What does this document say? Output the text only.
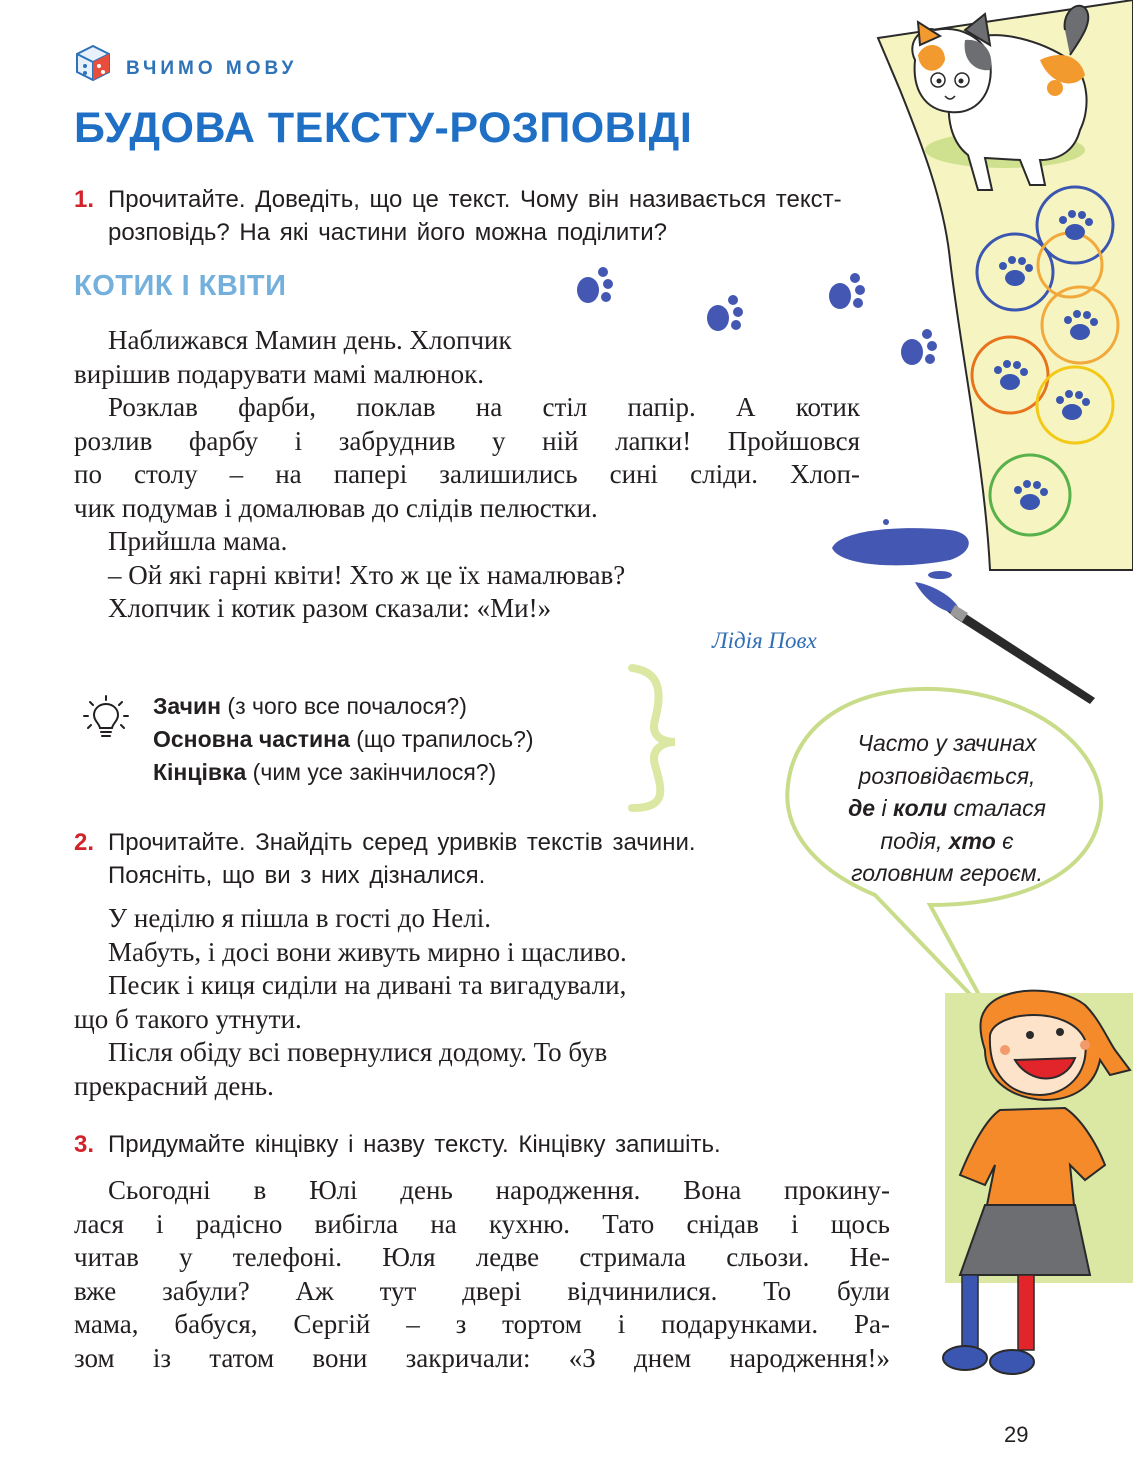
ВЧИМО МОВУ
БУДОВА ТЕКСТУ-РОЗПОВІДІ
1. Прочитайте. Доведіть, що це текст. Чому він називається текст-розповідь? На які частини його можна поділити?
КОТИК І КВІТИ

Наближався Мамин день. Хлопчик

вирішив подарувати мамі малюнок.

Розклав фарби, поклав на стіл папір. А котик

розлив фарбу і забруднив у ній лапки! Пройшовся

по столу – на папері залишились сині сліди. Хлоп-

чик подумав і домалював до слідів пелюстки.

Прийшла мама.

– Ой які гарні квіти! Хто ж це їх намалював?

Хлопчик і котик разом сказали: «Ми!»

Лідія Повх
Зачин (з чого все почалося?)
Основна частина (що трапилось?)
Кінцівка (чим усе закінчилося?)
Часто у зачинах
розповідається,
де і коли сталася
подія, хто є
головним героєм.
2. Прочитайте. Знайдіть серед уривків текстів зачини. Поясніть, що ви з них дізналися.

У неділю я пішла в гості до Нелі.

Мабуть, і досі вони живуть мирно і щасливо.

Песик і киця сиділи на дивані та вигадували,

що б такого утнути.

Після обіду всі повернулися додому. То був

прекрасний день.

3. Придумайте кінцівку і назву тексту. Кінцівку запишіть.

Сьогодні в Юлі день народження. Вона прокину-

лася і радісно вибігла на кухню. Тато снідав і щось

читав у телефоні. Юля ледве стримала сльози. Не-

вже забули? Аж тут двері відчинилися. То були

мама, бабуся, Сергій – з тортом і подарунками. Ра-

зом із татом вони закричали: «З днем народження!»

29
